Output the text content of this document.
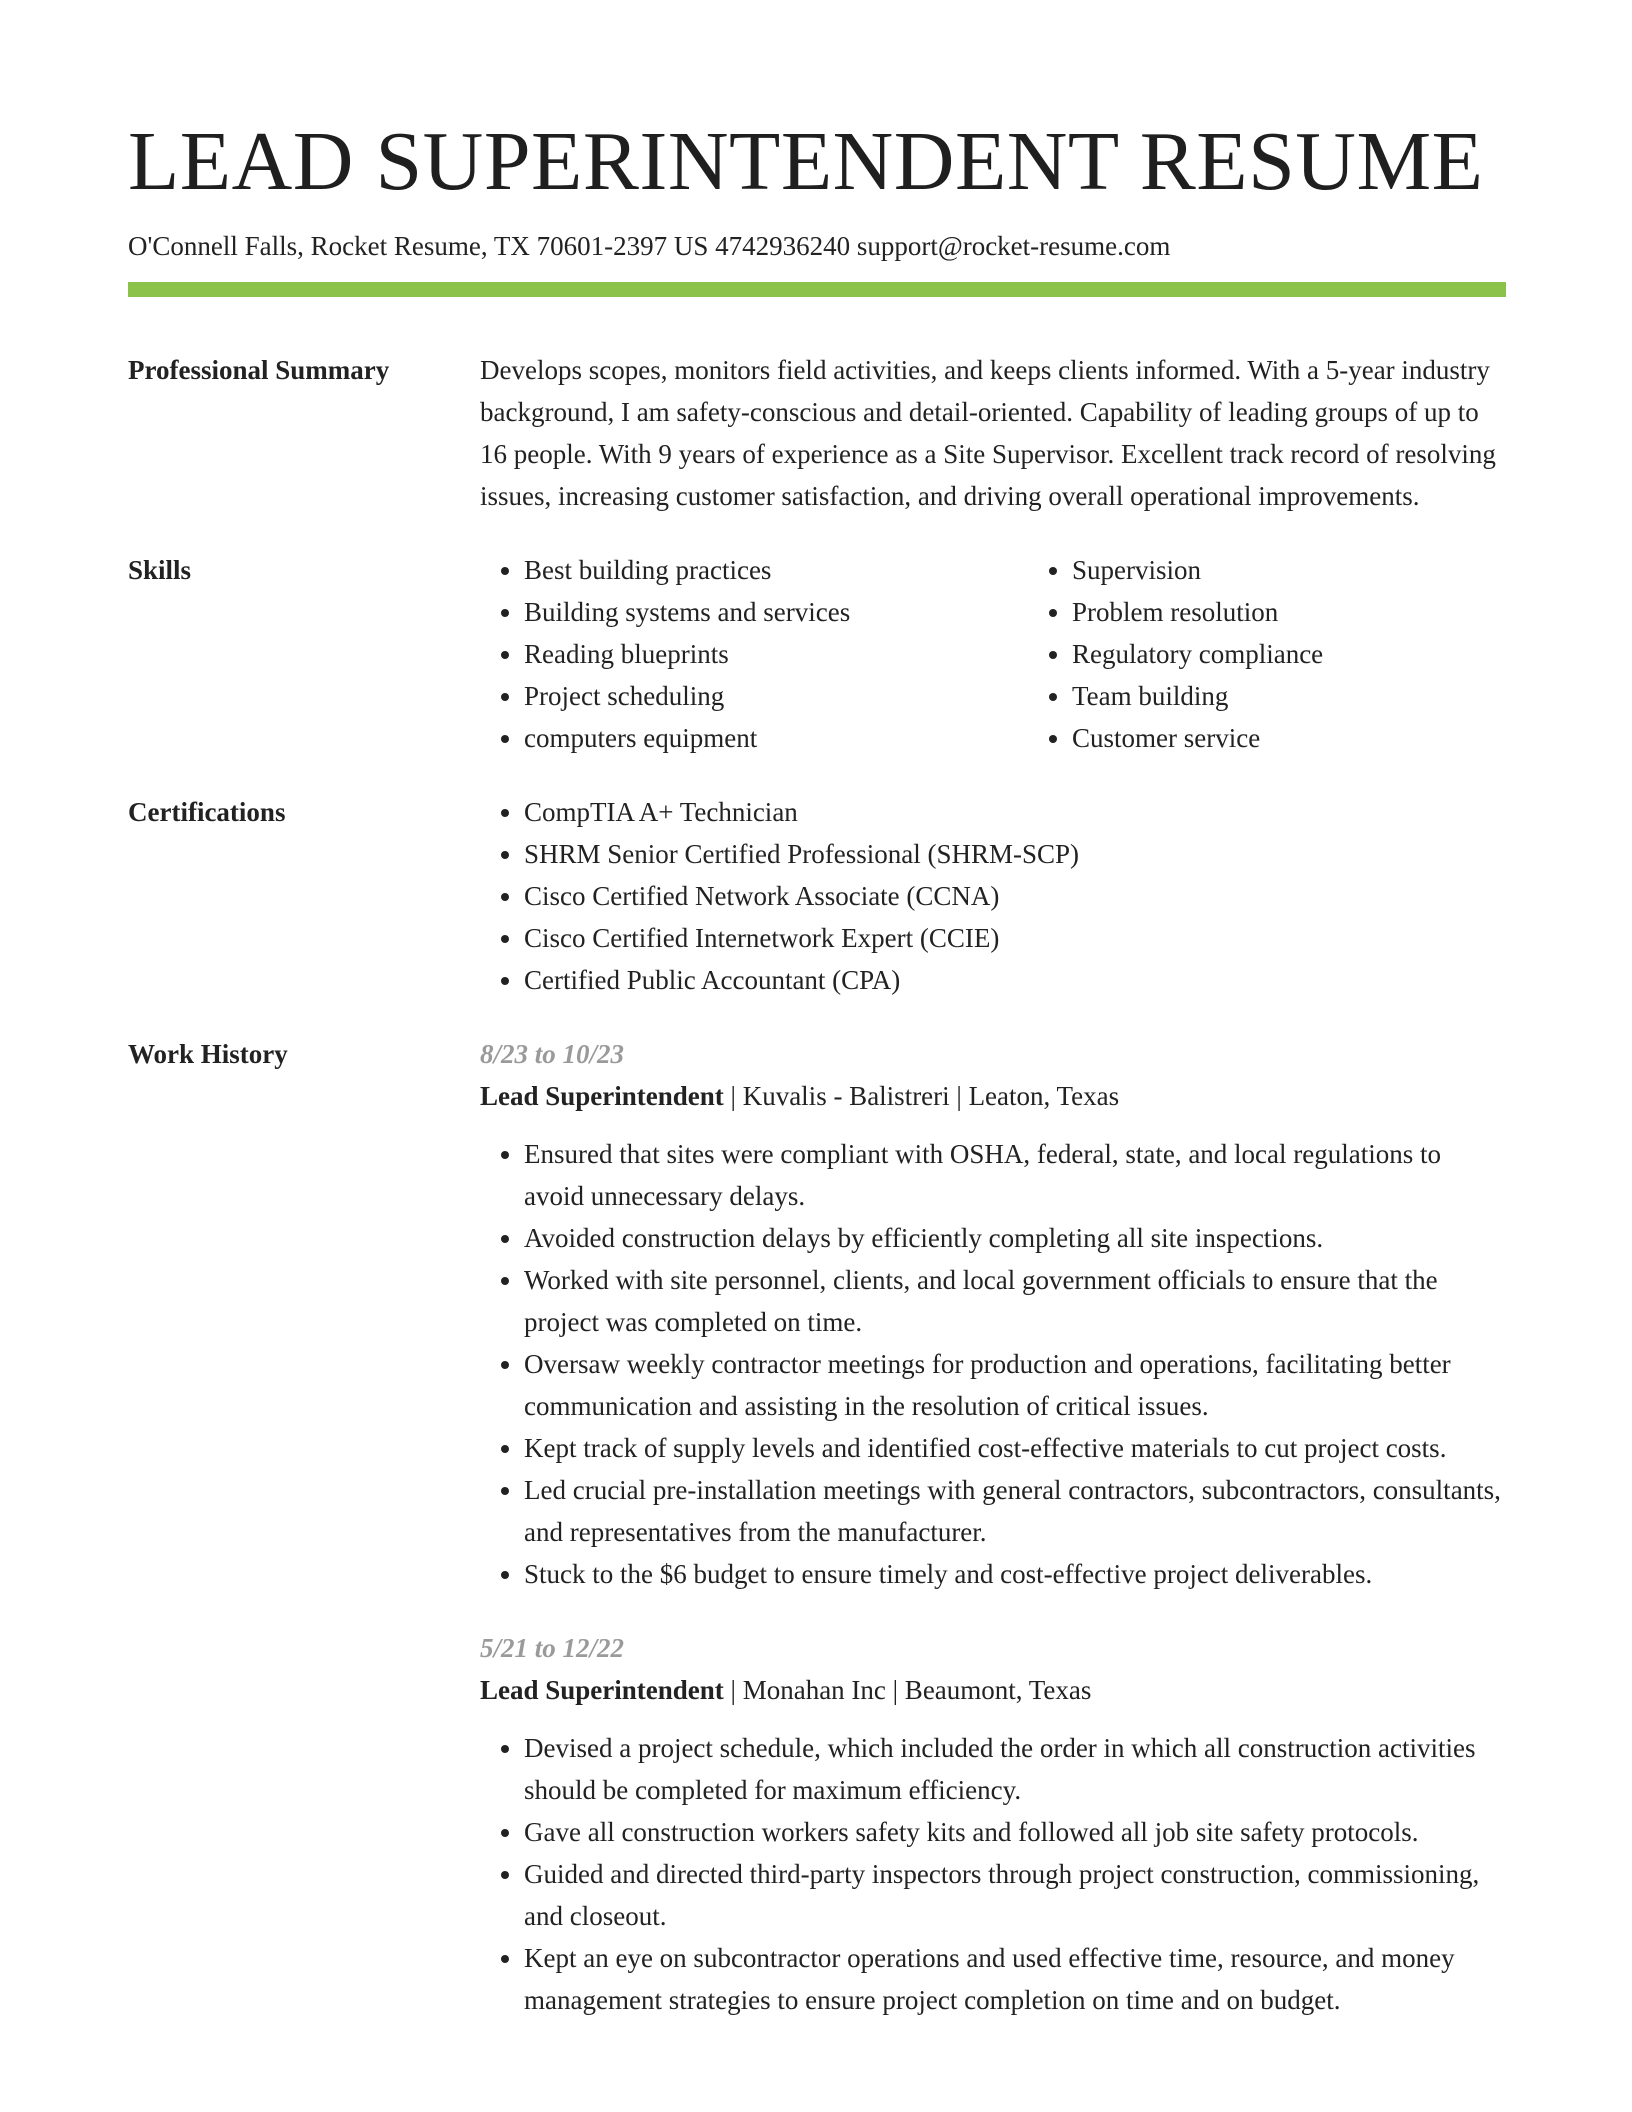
LEAD SUPERINTENDENT RESUME
O'Connell Falls, Rocket Resume, TX 70601-2397 US 4742936240 support@rocket-resume.com
Professional Summary	Develops scopes, monitors field activities, and keeps clients informed. With a 5-year industry background, I am safety-conscious and detail-oriented. Capability of leading groups of up to 16 people. With 9 years of experience as a Site Supervisor. Excellent track record of resolving issues, increasing customer satisfaction, and driving overall operational improvements.
Skills	• Best building practices
• Building systems and services
• Reading blueprints
• Project scheduling
• computers equipment
• Supervision
• Problem resolution
• Regulatory compliance
• Team building
• Customer service
Certifications	• CompTIA A+ Technician
• SHRM Senior Certified Professional (SHRM-SCP)
• Cisco Certified Network Associate (CCNA)
• Cisco Certified Internetwork Expert (CCIE)
• Certified Public Accountant (CPA)
Work History	8/23 to 10/23
Lead Superintendent | Kuvalis - Balistreri | Leaton, Texas
• Ensured that sites were compliant with OSHA, federal, state, and local regulations to avoid unnecessary delays.
• Avoided construction delays by efficiently completing all site inspections.
• Worked with site personnel, clients, and local government officials to ensure that the project was completed on time.
• Oversaw weekly contractor meetings for production and operations, facilitating better communication and assisting in the resolution of critical issues.
• Kept track of supply levels and identified cost-effective materials to cut project costs.
• Led crucial pre-installation meetings with general contractors, subcontractors, consultants, and representatives from the manufacturer.
• Stuck to the $6 budget to ensure timely and cost-effective project deliverables.
5/21 to 12/22
Lead Superintendent | Monahan Inc | Beaumont, Texas
• Devised a project schedule, which included the order in which all construction activities should be completed for maximum efficiency.
• Gave all construction workers safety kits and followed all job site safety protocols.
• Guided and directed third-party inspectors through project construction, commissioning, and closeout.
• Kept an eye on subcontractor operations and used effective time, resource, and money management strategies to ensure project completion on time and on budget.
